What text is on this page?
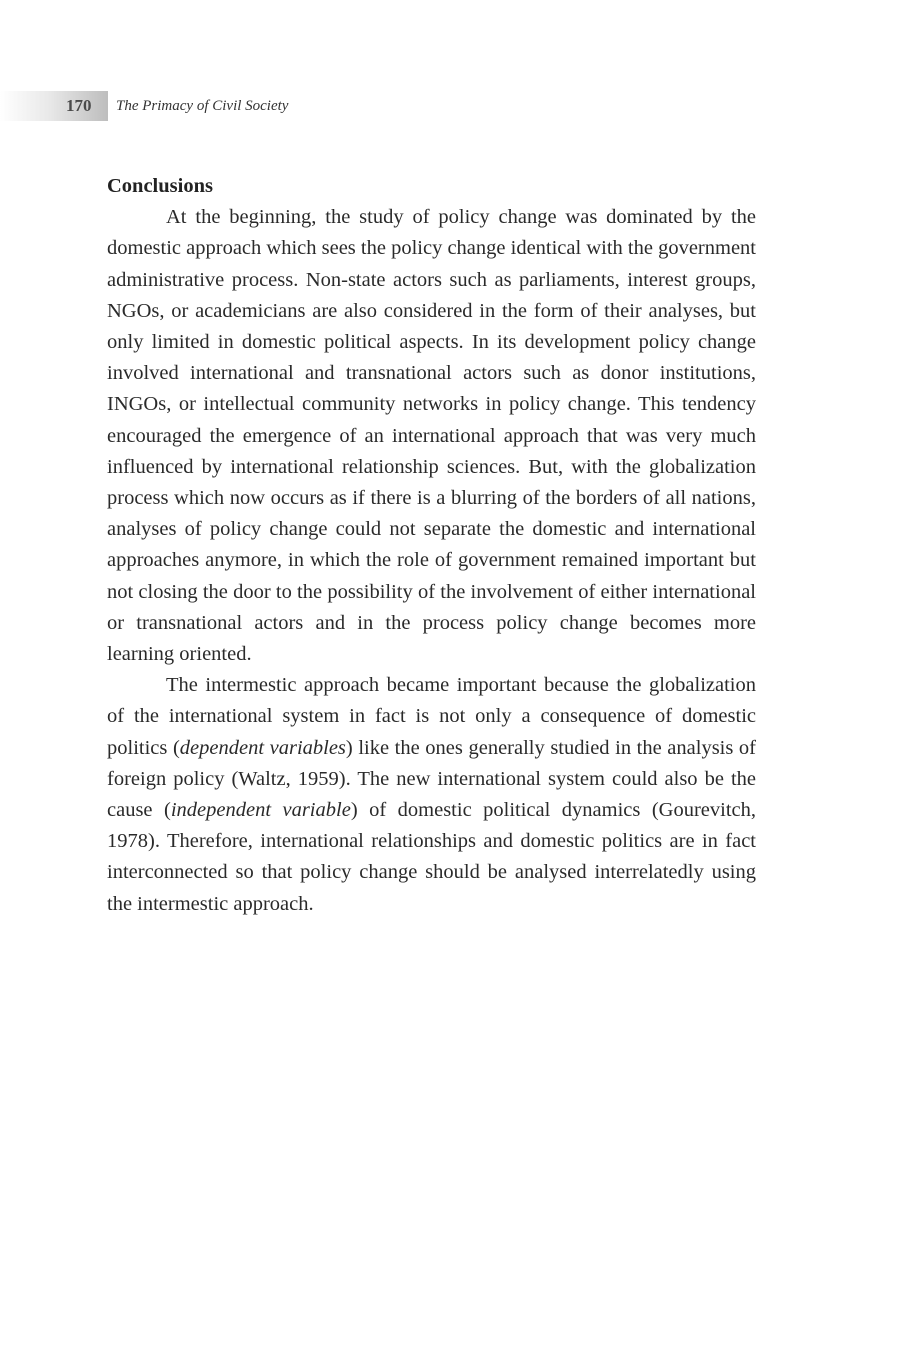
170 The Primacy of Civil Society
Conclusions

At the beginning, the study of policy change was dominated by the domestic approach which sees the policy change identical with the government administrative process. Non-state actors such as parliaments, interest groups, NGOs, or academicians are also considered in the form of their analyses, but only limited in domestic political aspects. In its development policy change involved international and transnational actors such as donor institutions, INGOs, or intellectual community networks in policy change. This tendency encouraged the emergence of an international approach that was very much influenced by international relationship sciences. But, with the globalization process which now occurs as if there is a blurring of the borders of all nations, analyses of policy change could not separate the domestic and international approaches anymore, in which the role of government remained important but not closing the door to the possibility of the involvement of either international or transnational actors and in the process policy change becomes more learning oriented.

The intermestic approach became important because the globalization of the international system in fact is not only a consequence of domestic politics (dependent variables) like the ones generally studied in the analysis of foreign policy (Waltz, 1959). The new international system could also be the cause (independent variable) of domestic political dynamics (Gourevitch, 1978). Therefore, international relationships and domestic politics are in fact interconnected so that policy change should be analysed interrelatedly using the intermestic approach.
